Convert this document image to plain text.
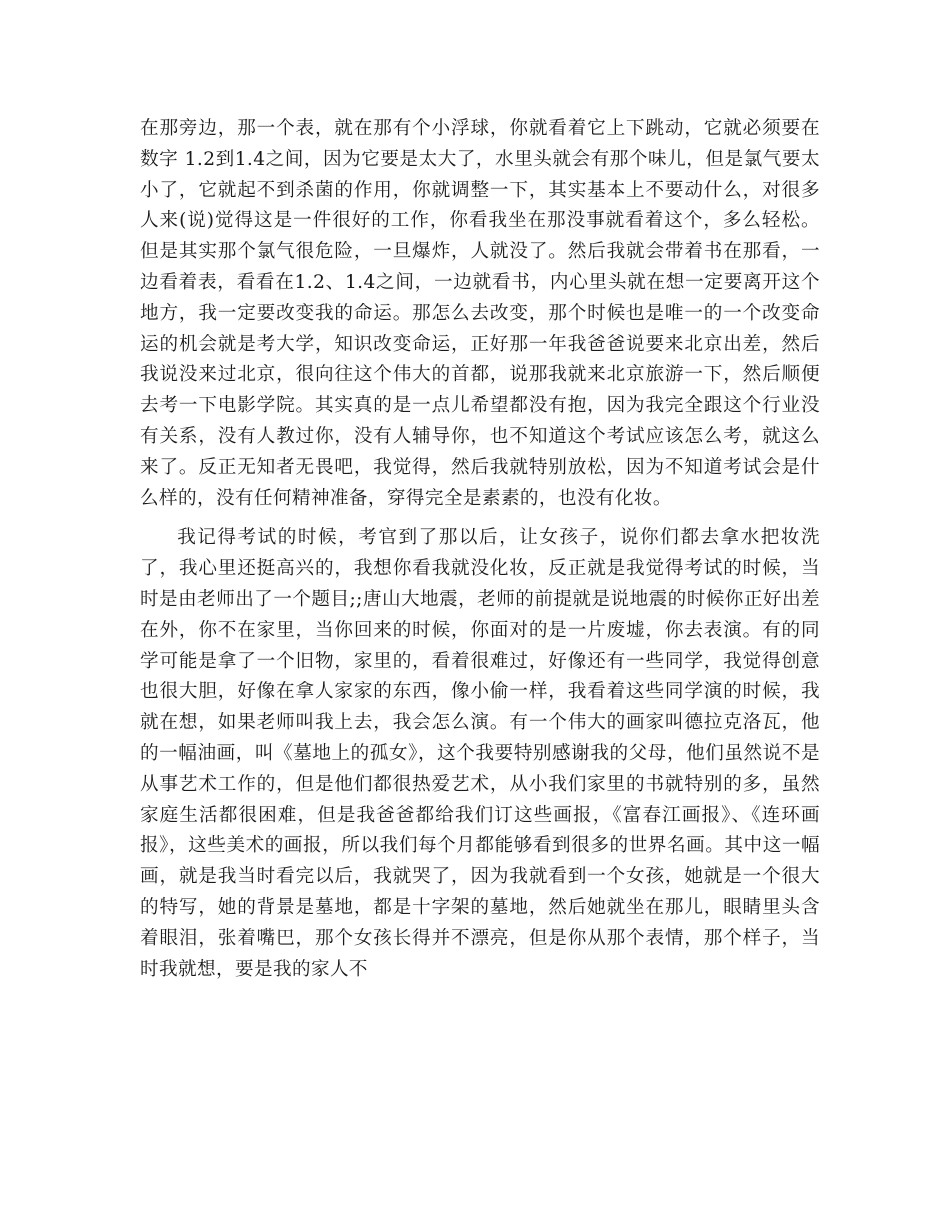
在那旁边，那一个表，就在那有个小浮球，你就看着它上下跳动，它就必须要在数字 1.2到1.4之间，因为它要是太大了，水里头就会有那个味儿，但是氯气要太小了，它就起不到杀菌的作用，你就调整一下，其实基本上不要动什么，对很多人来(说)觉得这是一件很好的工作，你看我坐在那没事就看着这个，多么轻松。但是其实那个氯气很危险，一旦爆炸，人就没了。然后我就会带着书在那看，一边看着表，看看在1.2、1.4之间，一边就看书，内心里头就在想一定要离开这个地方，我一定要改变我的命运。那怎么去改变，那个时候也是唯一的一个改变命运的机会就是考大学，知识改变命运，正好那一年我爸爸说要来北京出差，然后我说没来过北京，很向往这个伟大的首都，说那我就来北京旅游一下，然后顺便去考一下电影学院。其实真的是一点儿希望都没有抱，因为我完全跟这个行业没有关系，没有人教过你，没有人辅导你，也不知道这个考试应该怎么考，就这么来了。反正无知者无畏吧，我觉得，然后我就特别放松，因为不知道考试会是什么样的，没有任何精神准备，穿得完全是素素的，也没有化妆。

我记得考试的时候，考官到了那以后，让女孩子，说你们都去拿水把妆洗了，我心里还挺高兴的，我想你看我就没化妆，反正就是我觉得考试的时候，当时是由老师出了一个题目;;唐山大地震，老师的前提就是说地震的时候你正好出差在外，你不在家里，当你回来的时候，你面对的是一片废墟，你去表演。有的同学可能是拿了一个旧物，家里的，看着很难过，好像还有一些同学，我觉得创意也很大胆，好像在拿人家家的东西，像小偷一样，我看着这些同学演的时候，我就在想，如果老师叫我上去，我会怎么演。有一个伟大的画家叫德拉克洛瓦，他的一幅油画，叫《墓地上的孤女》，这个我要特别感谢我的父母，他们虽然说不是从事艺术工作的，但是他们都很热爱艺术，从小我们家里的书就特别的多，虽然家庭生活都很困难，但是我爸爸都给我们订这些画报，《富春江画报》、《连环画报》，这些美术的画报，所以我们每个月都能够看到很多的世界名画。其中这一幅画，就是我当时看完以后，我就哭了，因为我就看到一个女孩，她就是一个很大的特写，她的背景是墓地，都是十字架的墓地，然后她就坐在那儿，眼睛里头含着眼泪，张着嘴巴，那个女孩长得并不漂亮，但是你从那个表情，那个样子，当时我就想，要是我的家人不
